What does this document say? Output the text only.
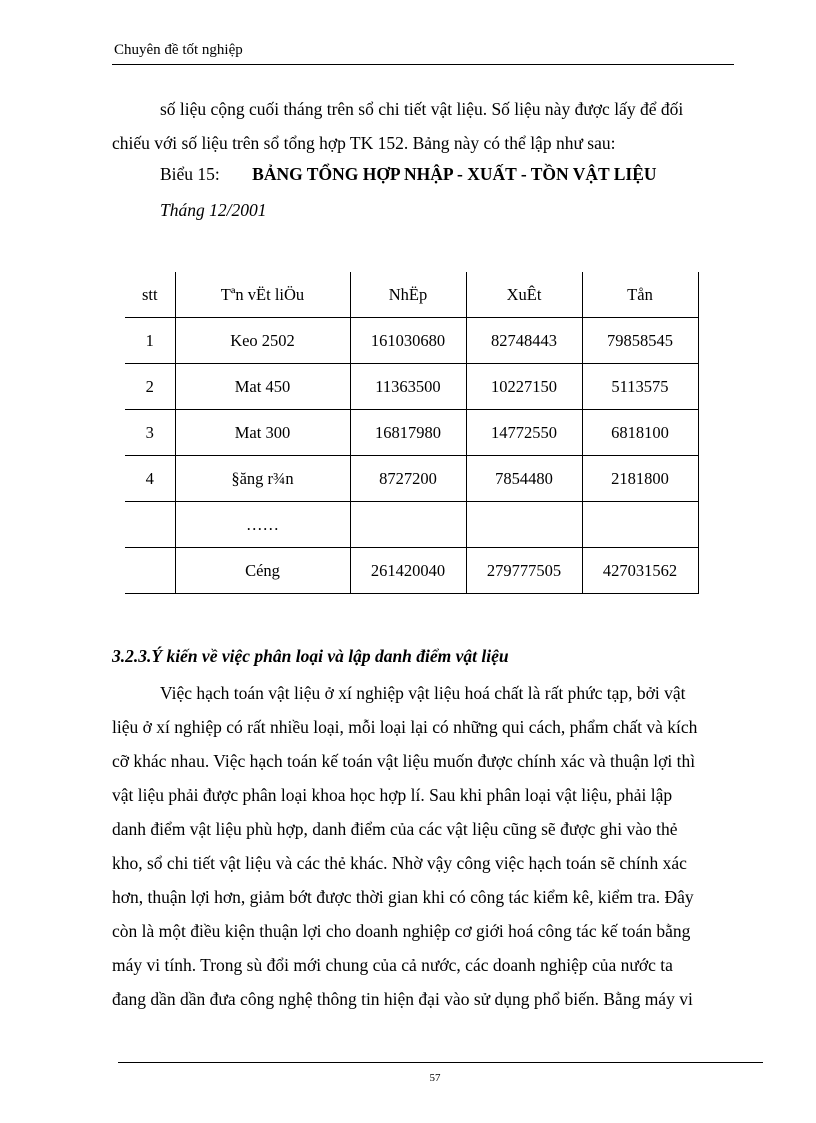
Chuyên đề tốt nghiệp

số liệu cộng cuối tháng trên sổ chi tiết vật liệu. Số liệu này được lấy để đối
chiếu với số liệu trên sổ tổng hợp TK 152. Bảng này có thể lập như sau:

Biểu 15: BẢNG TỔNG HỢP NHẬP - XUẤT - TỒN VẬT LIỆU
Tháng 12/2001
stt	Tªn vËt liÖu	NhËp	XuÊt	Tån
1	Keo 2502	161030680	82748443	79858545
2	Mat 450	11363500	10227150	5113575
3	Mat 300	16817980	14772550	6818100
4	§ăng r¾n	8727200	7854480	2181800
	……			
	Céng	261420040	279777505	427031562
3.2.3.Ý kiến về việc phân loại và lập danh điểm vật liệu

Việc hạch toán vật liệu ở xí nghiệp vật liệu hoá chất là rất phức tạp, bởi vật
liệu ở xí nghiệp có rất nhiều loại, mỗi loại lại có những qui cách, phẩm chất và kích
cỡ khác nhau. Việc hạch toán kế toán vật liệu muốn được chính xác và thuận lợi thì
vật liệu phải được phân loại khoa học hợp lí. Sau khi phân loại vật liệu, phải lập
danh điểm vật liệu phù hợp, danh điểm của các vật liệu cũng sẽ được ghi vào thẻ
kho, sổ chi tiết vật liệu và các thẻ khác. Nhờ vậy công việc hạch toán sẽ chính xác
hơn, thuận lợi hơn, giảm bớt được thời gian khi có công tác kiểm kê, kiểm tra. Đây
còn là một điều kiện thuận lợi cho doanh nghiệp cơ giới hoá công tác kế toán bằng
máy vi tính. Trong sù đổi mới chung của cả nước, các doanh nghiệp của nước ta
đang dần dần đưa công nghệ thông tin hiện đại vào sử dụng phổ biến. Bằng máy vi

57
